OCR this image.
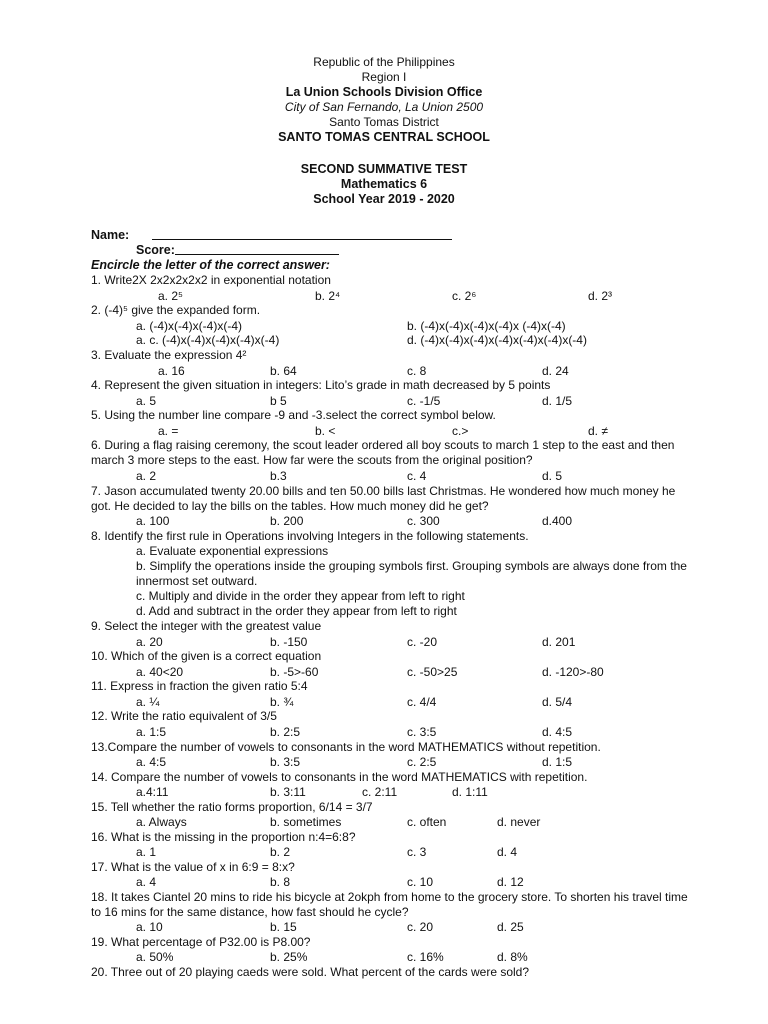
Republic of the Philippines
Region I
La Union Schools Division Office
City of San Fernando, La Union 2500
Santo Tomas District
SANTO TOMAS CENTRAL SCHOOL
SECOND SUMMATIVE TEST
Mathematics 6
School Year 2019 - 2020
Name:
Score:
Encircle the letter of the correct answer:
1. Write2X 2x2x2x2x2 in exponential notation
a. 2⁵	b. 2⁴	c. 2⁶	d. 2³
2. (-4)⁵ give the expanded form.
a. (-4)x(-4)x(-4)x(-4)	b. (-4)x(-4)x(-4)x(-4)x (-4)x(-4)
a. c. (-4)x(-4)x(-4)x(-4)x(-4)	d. (-4)x(-4)x(-4)x(-4)x(-4)x(-4)x(-4)
3. Evaluate the expression 4²
a. 16	b. 64	c. 8	d. 24
4. Represent the given situation in integers: Lito’s grade in math decreased by 5 points
a. 5	b 5	c. -1/5	d. 1/5
5. Using the number line compare -9 and -3.select the correct symbol below.
a. =	b. <	c.>	d. ≠
6. During a flag raising ceremony, the scout leader ordered all boy scouts to march 1 step to the east and then
march 3 more steps to the east. How far were the scouts from the original position?
a. 2	b.3	c. 4	d. 5
7. Jason accumulated twenty 20.00 bills and ten 50.00 bills last Christmas. He wondered how much money he
got. He decided to lay the bills on the tables. How much money did he get?
a. 100	b. 200	c. 300	d.400
8. Identify the first rule in Operations involving Integers in the following statements.
a. Evaluate exponential expressions
b. Simplify the operations inside the grouping symbols first. Grouping symbols are always done from the
innermost set outward.
c. Multiply and divide in the order they appear from left to right
d. Add and subtract in the order they appear from left to right
9. Select the integer with the greatest value
a. 20	b. -150	c. -20	d. 201
10. Which of the given is a correct equation
a. 40<20	b. -5>-60	c. -50>25	d. -120>-80
11. Express in fraction the given ratio 5:4
a. ¼	b. ¾	c. 4/4	d. 5/4
12. Write the ratio equivalent of 3/5
a. 1:5	b. 2:5	c. 3:5	d. 4:5
13.Compare the number of vowels to consonants in the word MATHEMATICS without repetition.
a. 4:5	b. 3:5	c. 2:5	d. 1:5
14. Compare the number of vowels to consonants in the word MATHEMATICS with repetition.
a.4:11	b. 3:11	c. 2:11	d. 1:11
15. Tell whether the ratio forms proportion, 6/14 = 3/7
a. Always	b. sometimes	c. often	d. never
16. What is the missing in the proportion n:4=6:8?
a. 1	b. 2	c. 3	d. 4
17. What is the value of x in 6:9 = 8:x?
a. 4	b. 8	c. 10	d. 12
18. It takes Ciantel 20 mins to ride his bicycle at 2okph from home to the grocery store. To shorten his travel time
to 16 mins for the same distance, how fast should he cycle?
a. 10	b. 15	c. 20	d. 25
19. What percentage of P32.00 is P8.00?
a. 50%	b. 25%	c. 16%	d. 8%
20. Three out of 20 playing caeds were sold. What percent of the cards were sold?
